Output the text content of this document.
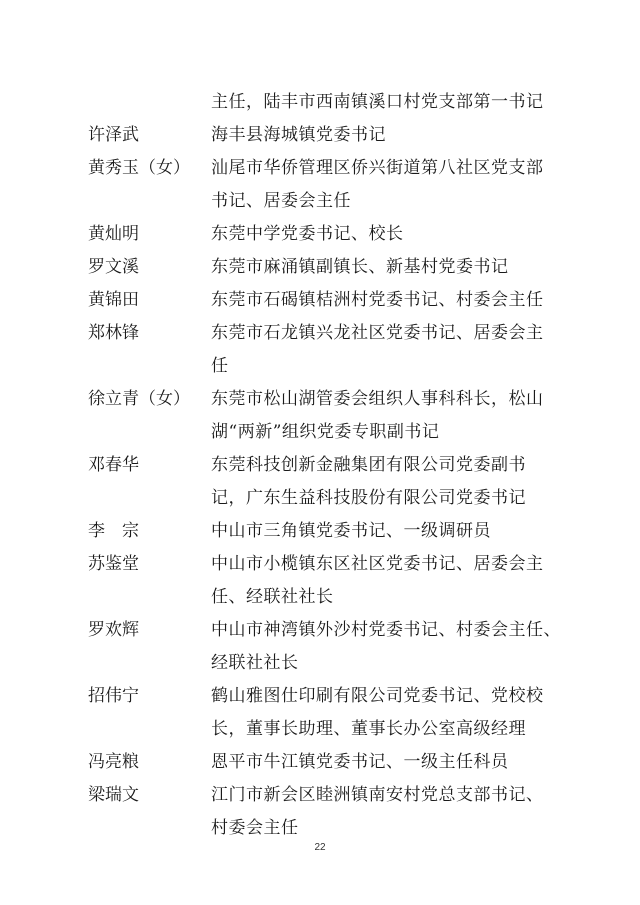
主任，陆丰市西南镇溪口村党支部第一书记
许泽武	海丰县海城镇党委书记
黄秀玉（女）	汕尾市华侨管理区侨兴街道第八社区党支部
书记、居委会主任
黄灿明	东莞中学党委书记、校长
罗文溪	东莞市麻涌镇副镇长、新基村党委书记
黄锦田	东莞市石碣镇桔洲村党委书记、村委会主任
郑林锋	东莞市石龙镇兴龙社区党委书记、居委会主
任
徐立青（女）	东莞市松山湖管委会组织人事科科长，松山
湖“两新”组织党委专职副书记
邓春华	东莞科技创新金融集团有限公司党委副书
记，广东生益科技股份有限公司党委书记
李　宗	中山市三角镇党委书记、一级调研员
苏鉴堂	中山市小榄镇东区社区党委书记、居委会主
任、经联社社长
罗欢辉	中山市神湾镇外沙村党委书记、村委会主任、
经联社社长
招伟宁	鹤山雅图仕印刷有限公司党委书记、党校校
长，董事长助理、董事长办公室高级经理
冯亮粮	恩平市牛江镇党委书记、一级主任科员
梁瑞文	江门市新会区睦洲镇南安村党总支部书记、
村委会主任
22
